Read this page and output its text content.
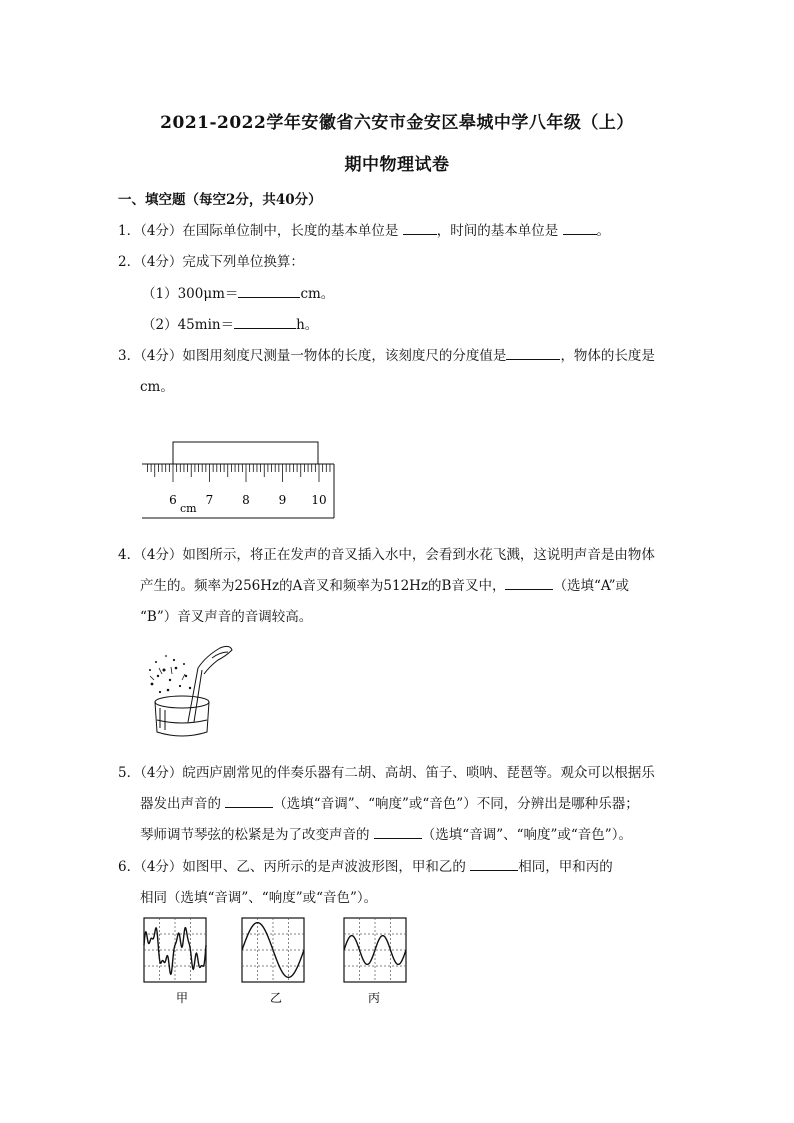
2021-2022学年安徽省六安市金安区皋城中学八年级（上）
期中物理试卷
一、填空题（每空2分，共40分）
1．（4分）在国际单位制中，长度的基本单位是	，时间的基本单位是	。
2．（4分）完成下列单位换算：
（1）300μm＝	cm。
（2）45min＝	h。
3．（4分）如图用刻度尺测量一物体的长度，该刻度尺的分度值是	，物体的长度是
cm。
6 7 8 9 10
cm
4．（4分）如图所示，将正在发声的音叉插入水中，会看到水花飞溅，这说明声音是由物体
产生的。频率为256Hz的A音叉和频率为512Hz的B音叉中，	（选填“A”或
“B”）音叉声音的音调较高。
5．（4分）皖西庐剧常见的伴奏乐器有二胡、高胡、笛子、唢呐、琵琶等。观众可以根据乐
器发出声音的	（选填“音调”、“响度”或“音色”）不同，分辨出是哪种乐器；
琴师调节琴弦的松紧是为了改变声音的	（选填“音调”、“响度”或“音色”）。
6．（4分）如图甲、乙、丙所示的是声波波形图，甲和乙的	相同，甲和丙的
相同（选填“音调”、“响度”或“音色”）。
甲	乙	丙
